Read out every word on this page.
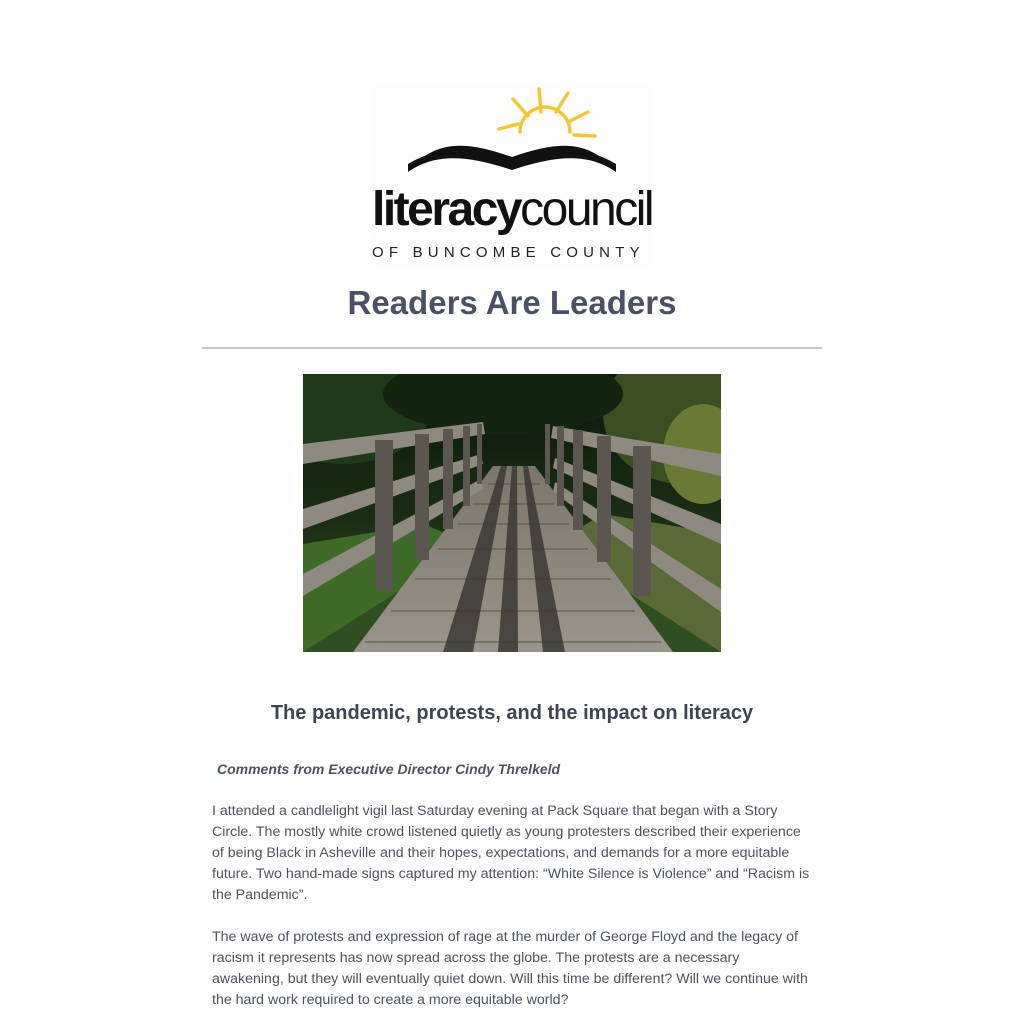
literacycouncil
OF BUNCOMBE COUNTY
Readers Are Leaders
The pandemic, protests, and the impact on literacy

Comments from Executive Director Cindy Threlkeld

I attended a candlelight vigil last Saturday evening at Pack Square that began with a Story Circle. The mostly white crowd listened quietly as young protesters described their experience of being Black in Asheville and their hopes, expectations, and demands for a more equitable future. Two hand-made signs captured my attention: “White Silence is Violence” and “Racism is the Pandemic”.

The wave of protests and expression of rage at the murder of George Floyd and the legacy of racism it represents has now spread across the globe. The protests are a necessary awakening, but they will eventually quiet down. Will this time be different? Will we continue with the hard work required to create a more equitable world?
